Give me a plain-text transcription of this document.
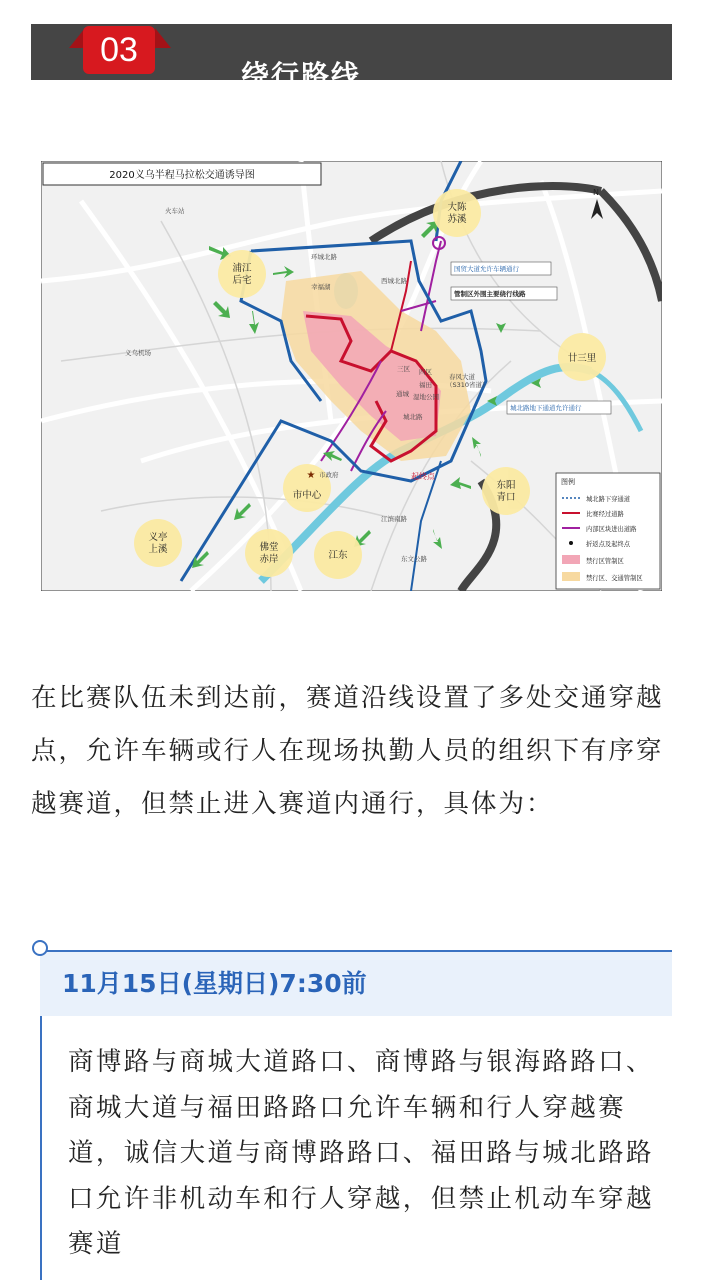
03
绕行路线
大陈
苏溪
浦江
后宅
廿三里
东阳
青口
市中心
义亭
上溪	佛堂
赤岸	江东
★
火车站
义乌机场
环城北路
西城北路
幸福湖
三区 四区
福田
湿地公园
春风大道
（S310省道）
城北路
起终点
市政府
通城
江滨南路
东文公路
2020义乌半程马拉松交通诱导图
N
国贸大道允许车辆通行
管制区外围主要绕行线路
城北路地下通道允许通行
图例
城北路下穿通道
比赛经过道路
内部区块进出道路
折返点及起终点
禁行区管制区
禁行区、交通管制区

在比赛队伍未到达前，赛道沿线设置了多处交通穿越点，允许车辆或行人在现场执勤人员的组织下有序穿越赛道，但禁止进入赛道内通行，具体为：

11月15日(星期日)7:30前

商博路与商城大道路口、商博路与银海路路口、商城大道与福田路路口允许车辆和行人穿越赛道，诚信大道与商博路路口、福田路与城北路路口允许非机动车和行人穿越，但禁止机动车穿越赛道
